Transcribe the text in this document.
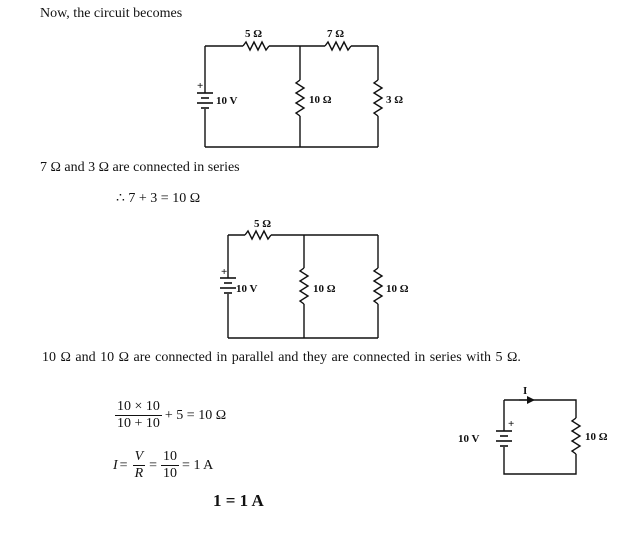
Now, the circuit becomes
+
10 V
5 Ω	7 Ω
10 Ω	3 Ω
7 Ω and 3 Ω are connected in series
∴ 7 + 3 = 10 Ω
+
10 V
5 Ω
10 Ω	10 Ω
10 Ω and 10 Ω are connected in parallel and they are connected in series with 5 Ω.
$\frac{10 \times 10}{10 + 10} + 5 = 10$ Ω
$I = \frac{V}{R} = \frac{10}{10} = 1$ A
1 = 1 A
+
10 V
I
10 Ω
